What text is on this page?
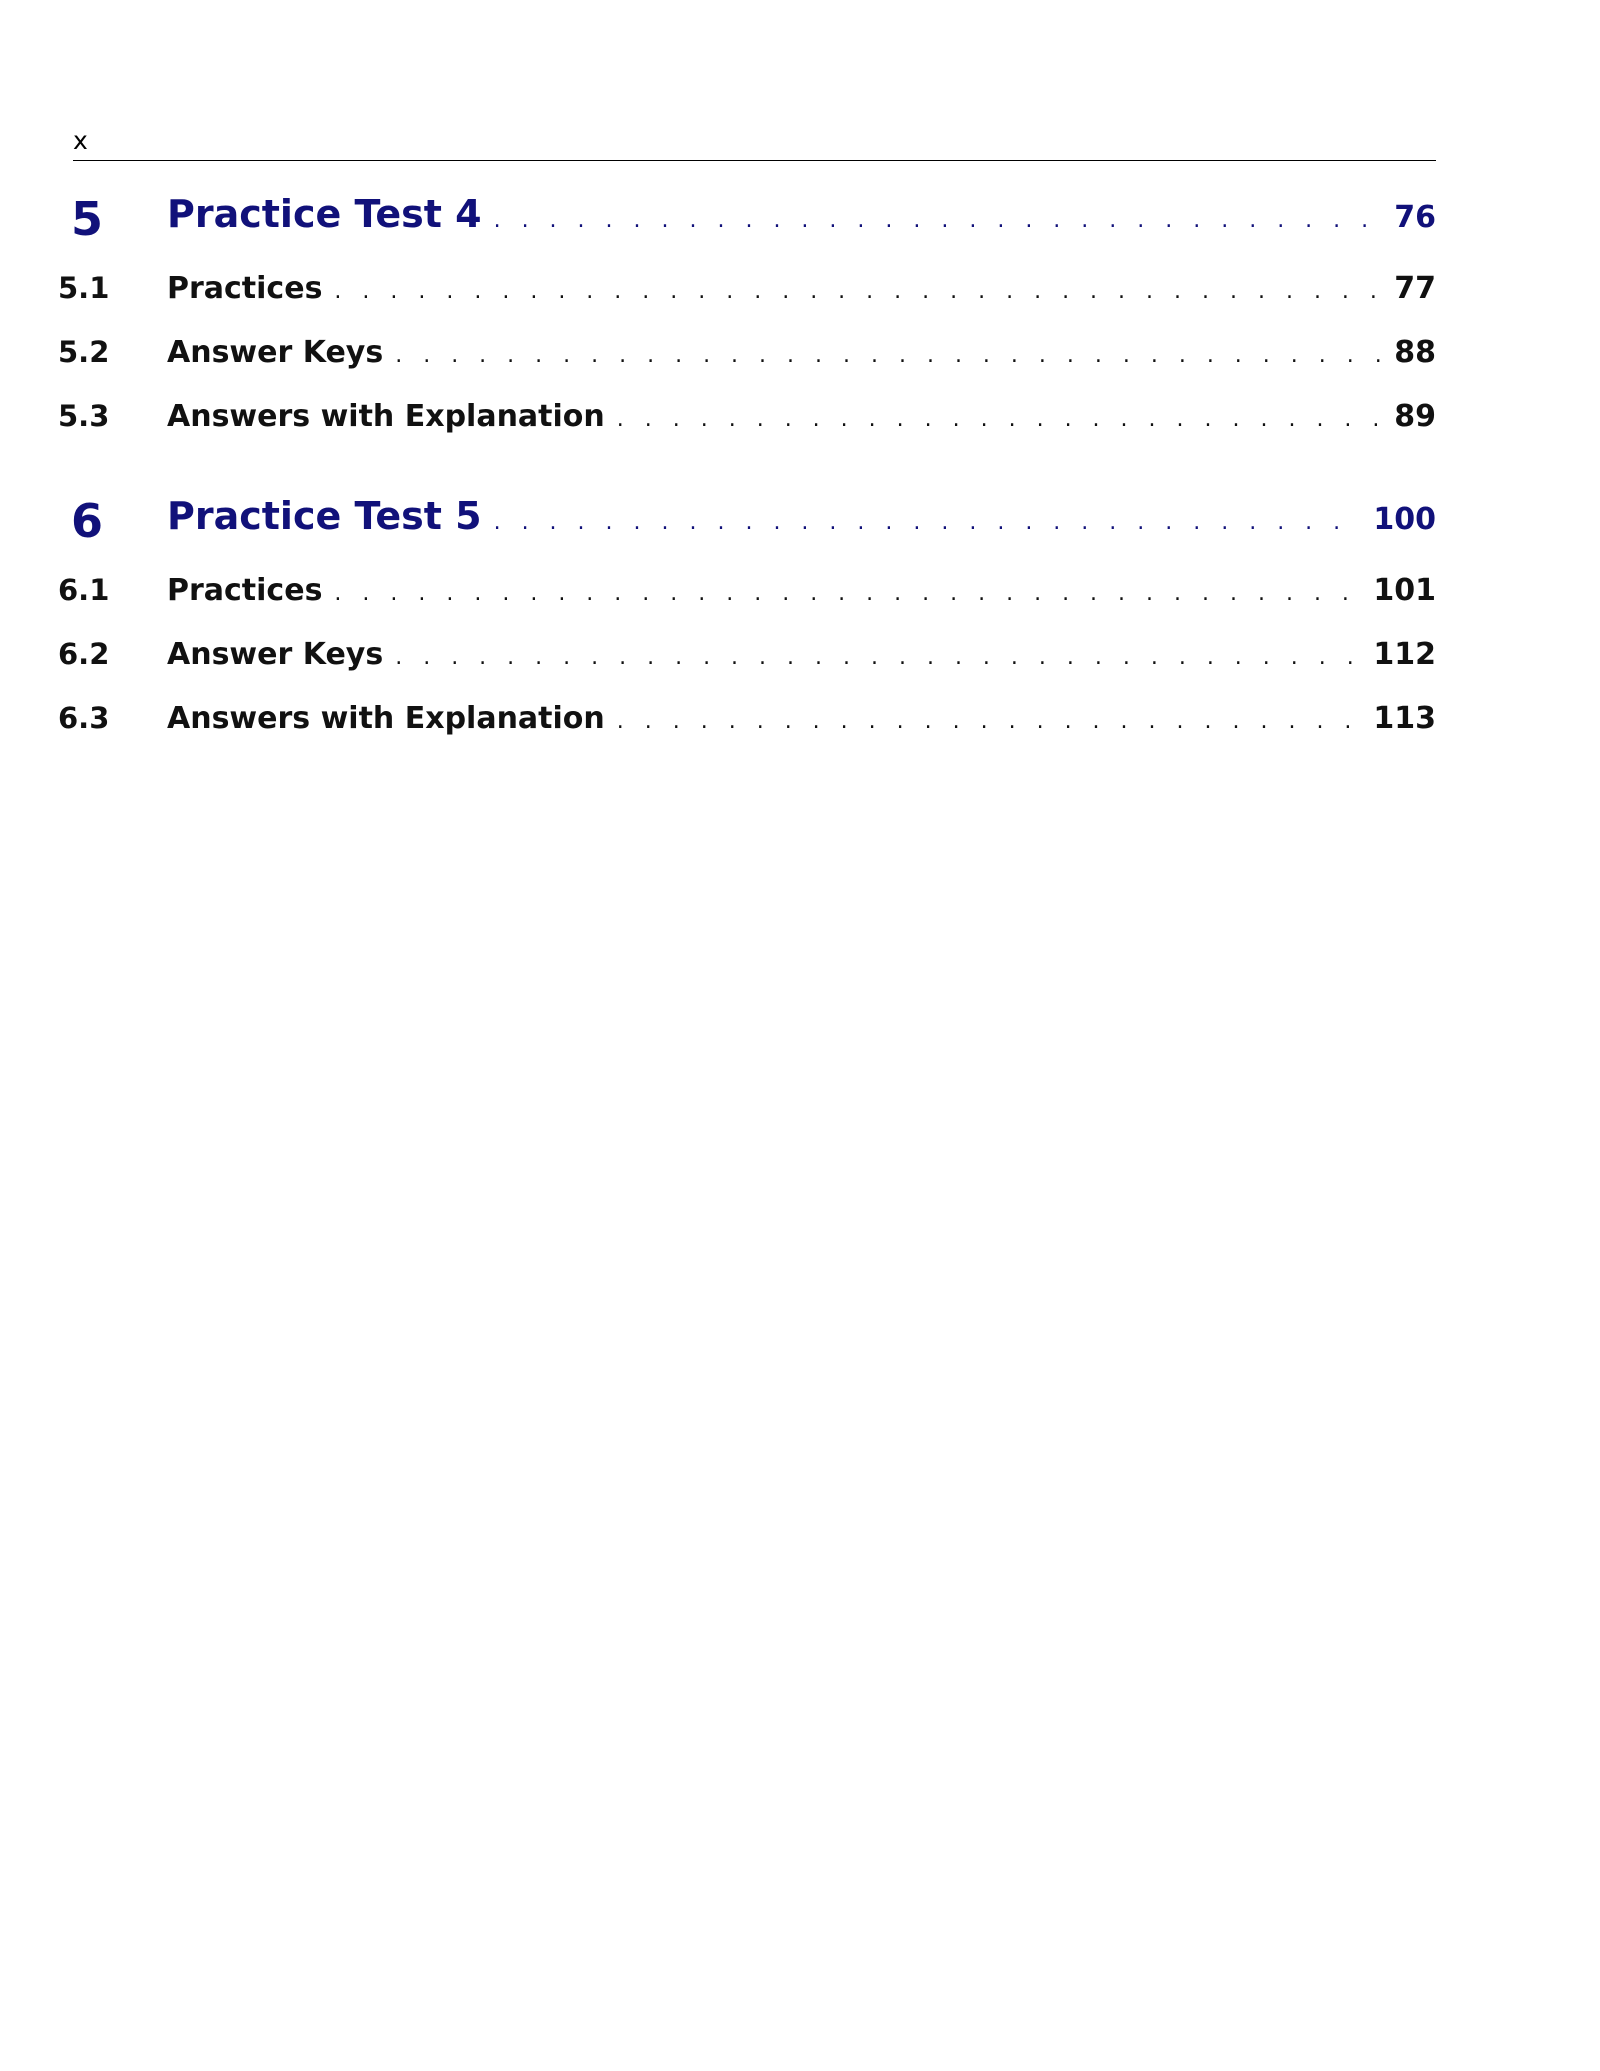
x
5	Practice Test 4 . . .	76
5.1	Practices . . .	77
5.2	Answer Keys . . .	88
5.3	Answers with Explanation . . .	89
6	Practice Test 5 . . .	100
6.1	Practices . . .	101
6.2	Answer Keys . . .	112
6.3	Answers with Explanation . . .	113
